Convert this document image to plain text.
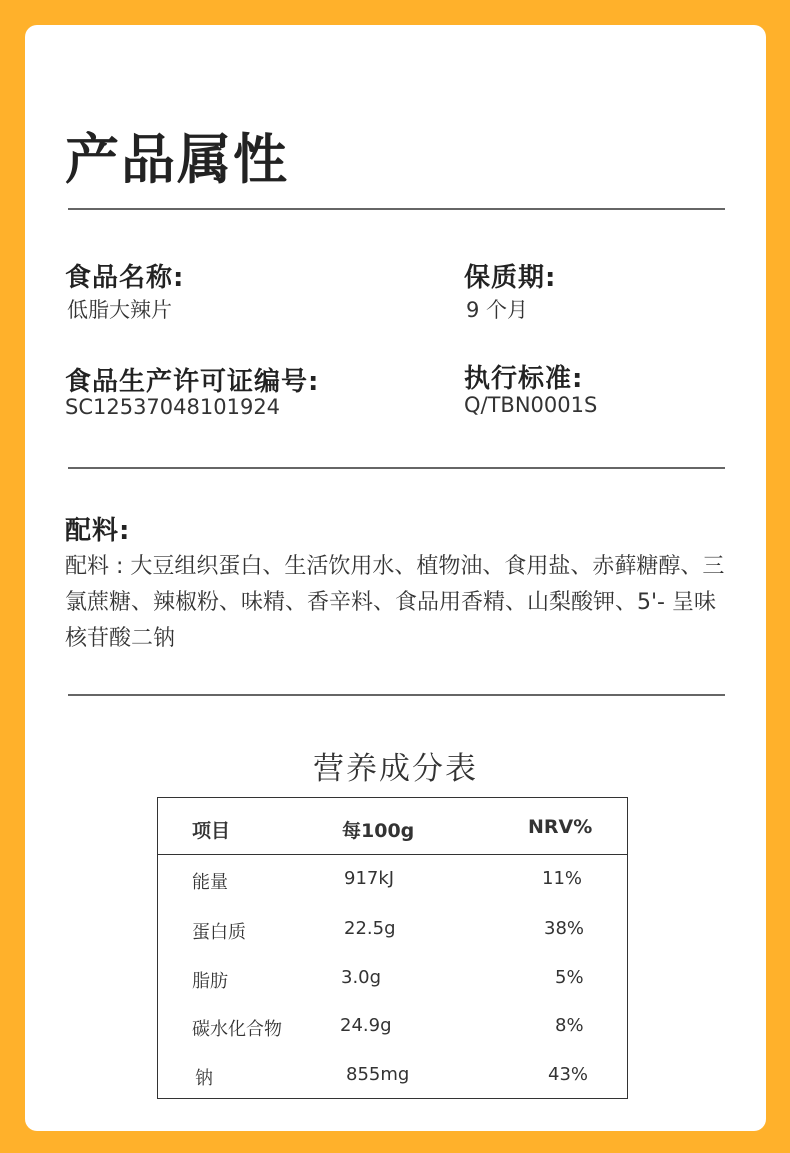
产品属性
食品名称:
低脂大辣片
保质期:
9 个月
食品生产许可证编号:
SC12537048101924
执行标准:
Q/TBN0001S
配料:

配料 : 大豆组织蛋白、生活饮用水、植物油、食用盐、赤藓糖醇、三氯蔗糖、辣椒粉、味精、香辛料、食品用香精、山梨酸钾、5'- 呈味核苷酸二钠

营养成分表
项目	每100g	NRV%
能量	917kJ	11%
蛋白质	22.5g	38%
脂肪	3.0g	5%
碳水化合物	24.9g	8%
钠	855mg	43%
